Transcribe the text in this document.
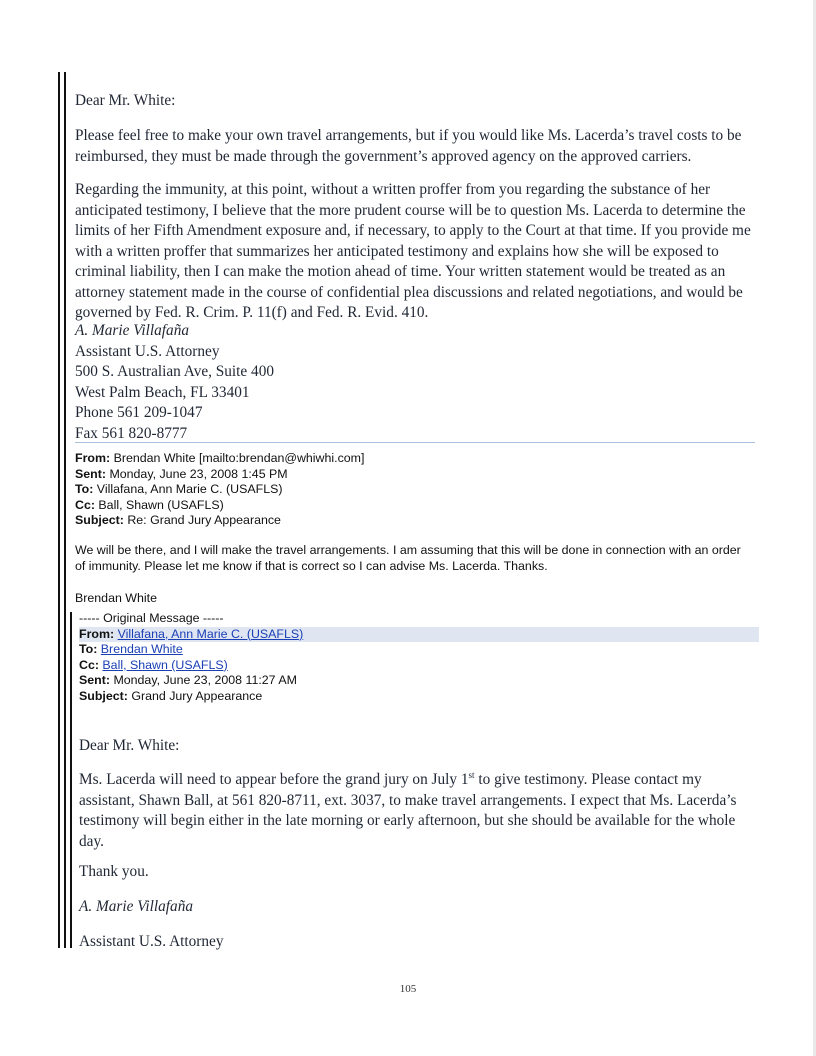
Dear Mr. White:

Please feel free to make your own travel arrangements, but if you would like Ms. Lacerda’s travel costs to be reimbursed, they must be made through the government’s approved agency on the approved carriers.

Regarding the immunity, at this point, without a written proffer from you regarding the substance of her anticipated testimony, I believe that the more prudent course will be to question Ms. Lacerda to determine the limits of her Fifth Amendment exposure and, if necessary, to apply to the Court at that time. If you provide me with a written proffer that summarizes her anticipated testimony and explains how she will be exposed to criminal liability, then I can make the motion ahead of time. Your written statement would be treated as an attorney statement made in the course of confidential plea discussions and related negotiations, and would be governed by Fed. R. Crim. P. 11(f) and Fed. R. Evid. 410.

A. Marie Villafaña
Assistant U.S. Attorney
500 S. Australian Ave, Suite 400
West Palm Beach, FL 33401
Phone 561 209-1047
Fax 561 820-8777
From: Brendan White [mailto:brendan@whiwhi.com]
Sent: Monday, June 23, 2008 1:45 PM
To: Villafana, Ann Marie C. (USAFLS)
Cc: Ball, Shawn (USAFLS)
Subject: Re: Grand Jury Appearance

We will be there, and I will make the travel arrangements. I am assuming that this will be done in connection with an order of immunity. Please let me know if that is correct so I can advise Ms. Lacerda. Thanks.

Brendan White
----- Original Message -----
From: Villafana, Ann Marie C. (USAFLS)
To: Brendan White
Cc: Ball, Shawn (USAFLS)
Sent: Monday, June 23, 2008 11:27 AM
Subject: Grand Jury Appearance
Dear Mr. White:

Ms. Lacerda will need to appear before the grand jury on July 1st to give testimony. Please contact my assistant, Shawn Ball, at 561 820-8711, ext. 3037, to make travel arrangements. I expect that Ms. Lacerda’s testimony will begin either in the late morning or early afternoon, but she should be available for the whole day.

Thank you.
A. Marie Villafaña
Assistant U.S. Attorney
105
